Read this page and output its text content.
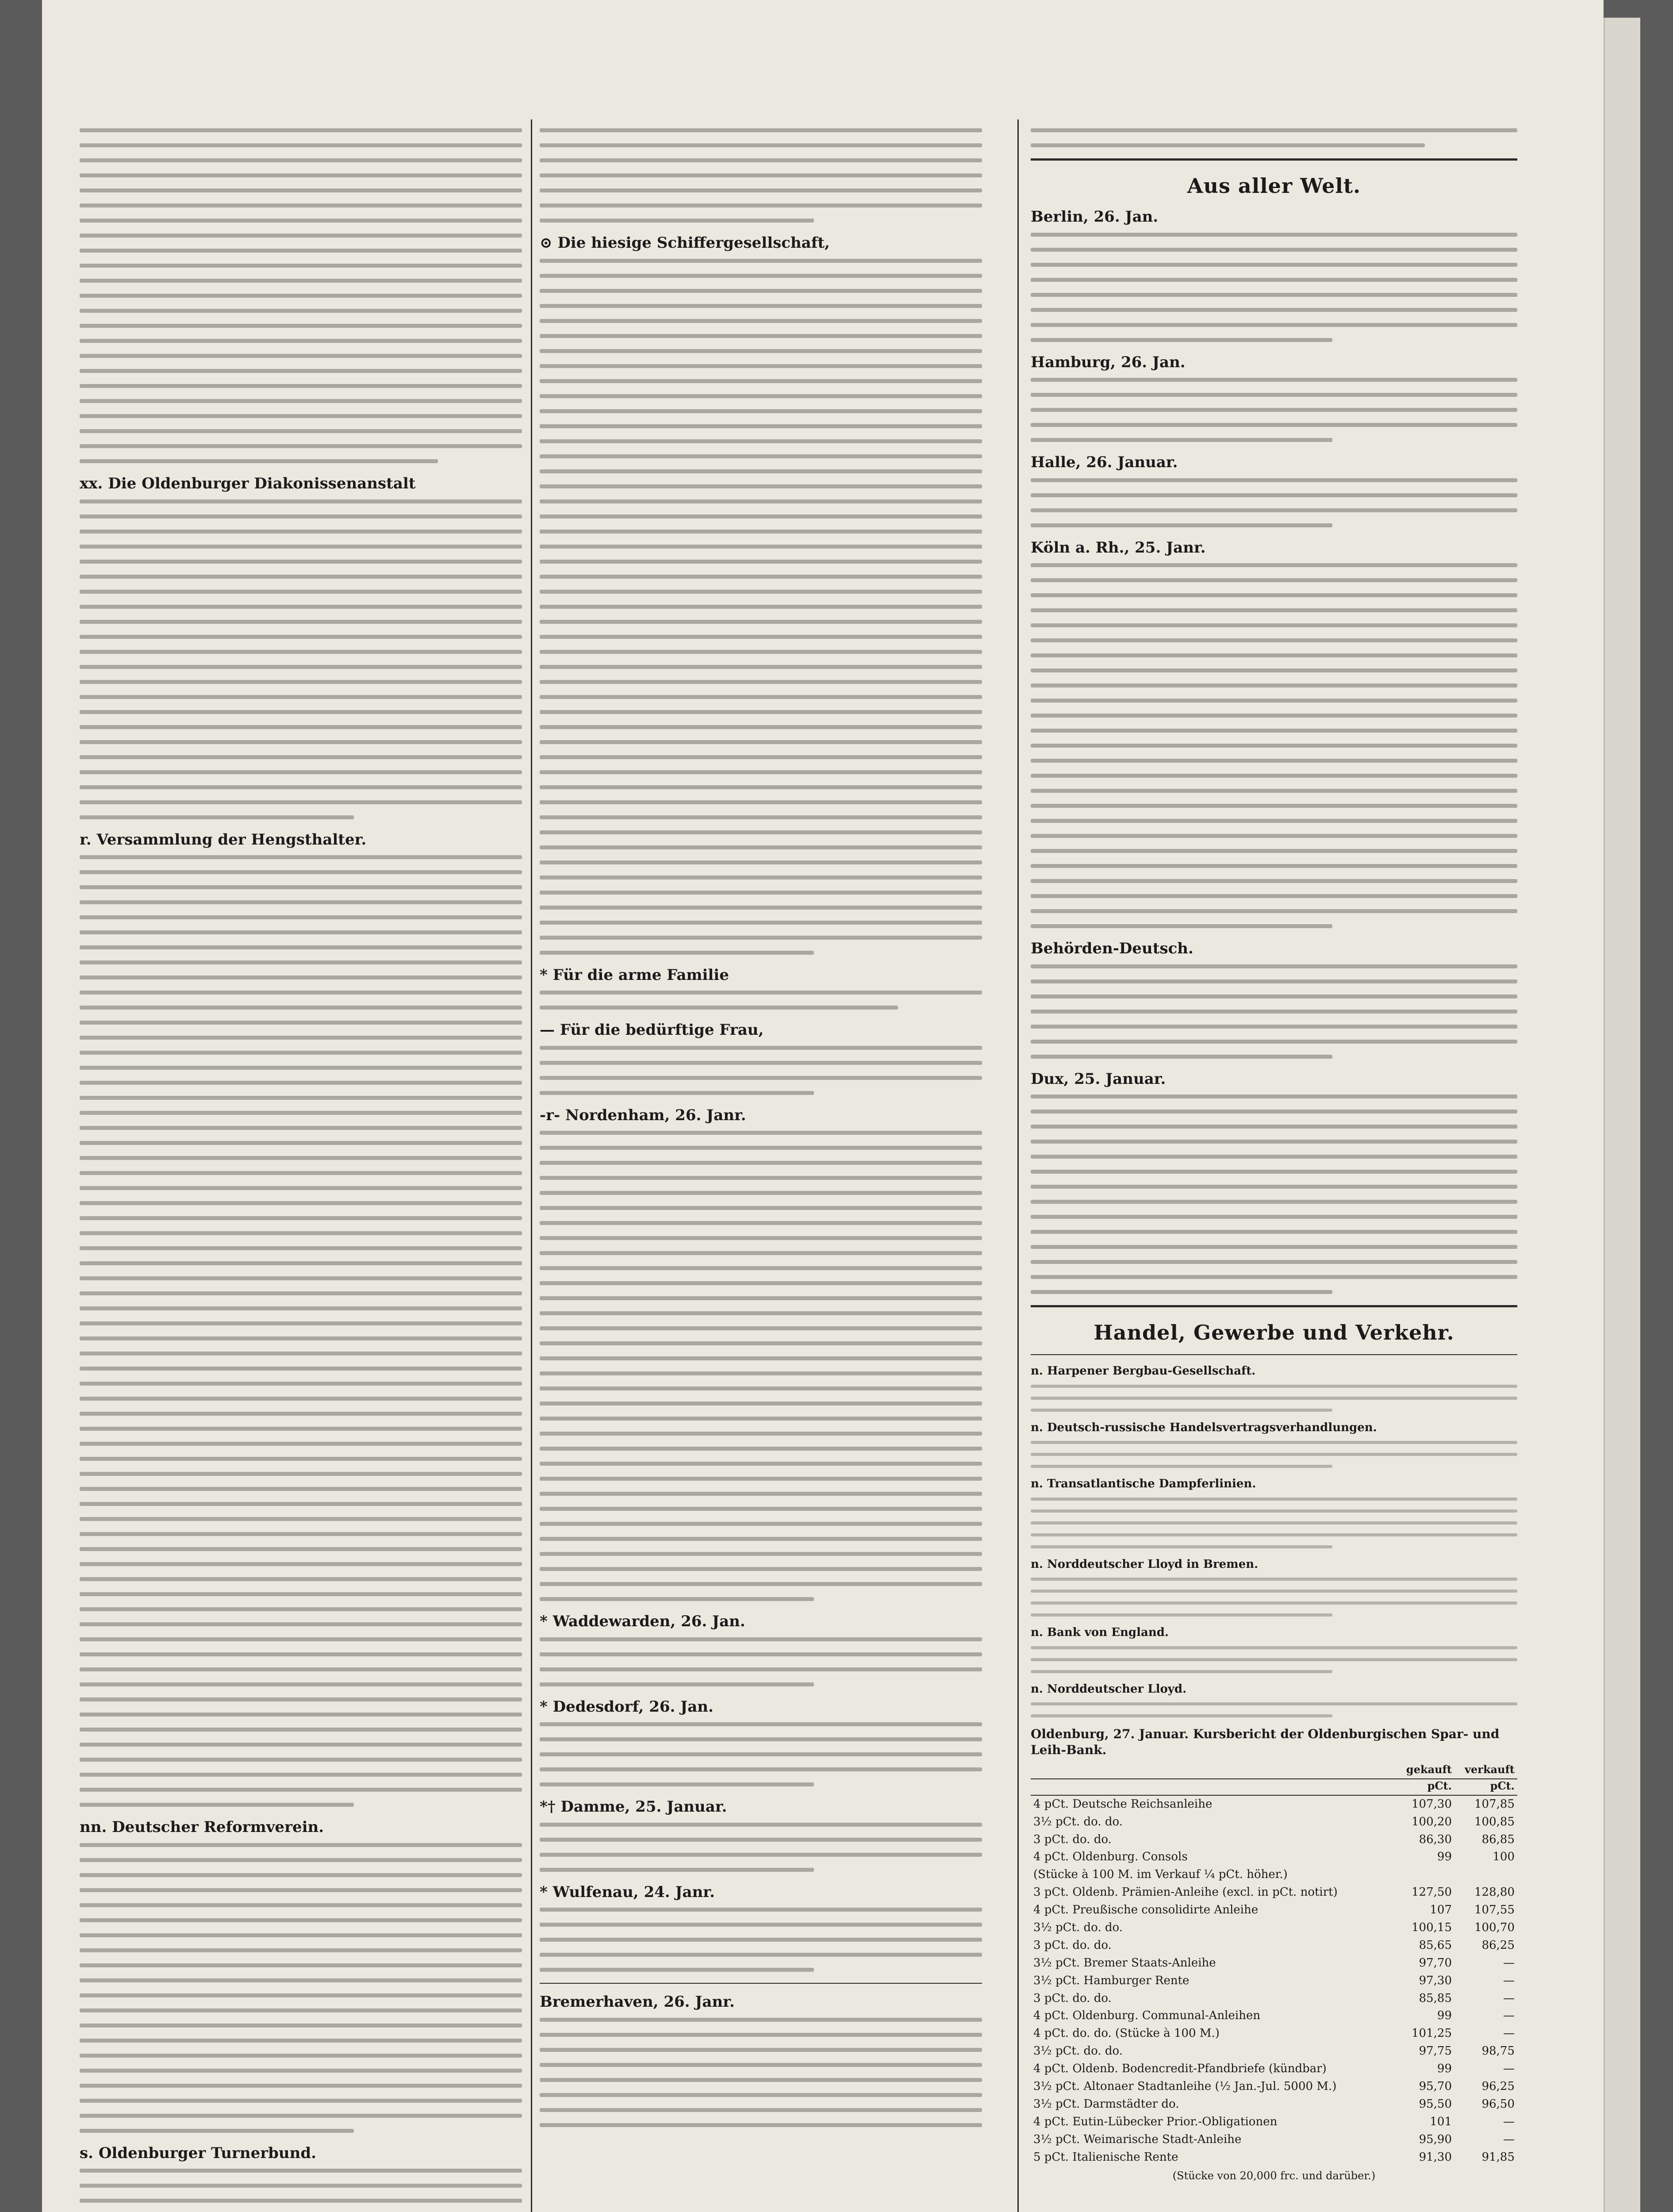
xx. Die Oldenburger Diakonissenanstalt
r. Versammlung der Hengsthalter.
nn. Deutscher Reformverein.
s. Oldenburger Turnerbund.
⊙ Die hiesige Schiffergesellschaft,
* Für die arme Familie
— Für die bedürftige Frau,
-r- Nordenham, 26. Janr.
* Waddewarden, 26. Jan.
* Dedesdorf, 26. Jan.
*† Damme, 25. Januar.
* Wulfenau, 24. Janr.
Bremerhaven, 26. Janr.
Aus aller Welt.
Berlin, 26. Jan.
Hamburg, 26. Jan.
Halle, 26. Januar.
Köln a. Rh., 25. Janr.
Behörden-Deutsch.
Dux, 25. Januar.
Handel, Gewerbe und Verkehr.
n. Harpener Bergbau-Gesellschaft.
n. Deutsch-russische Handelsvertragsverhandlungen.
n. Transatlantische Dampferlinien.
n. Norddeutscher Lloyd in Bremen.
n. Bank von England.
n. Norddeutscher Lloyd.
Oldenburg, 27. Januar. Kursbericht der Oldenburgischen Spar- und Leih-Bank.
	gekauft	verkauft
	pCt.	pCt.
4 pCt. Deutsche Reichsanleihe	107,30	107,85
3½ pCt. do. do.	100,20	100,85
3 pCt. do. do.	86,30	86,85
4 pCt. Oldenburg. Consols	99	100
(Stücke à 100 M. im Verkauf ¼ pCt. höher.)		
3 pCt. Oldenb. Prämien-Anleihe (excl. in pCt. notirt)	127,50	128,80
4 pCt. Preußische consolidirte Anleihe	107	107,55
3½ pCt. do. do.	100,15	100,70
3 pCt. do. do.	85,65	86,25
3½ pCt. Bremer Staats-Anleihe	97,70	—
3½ pCt. Hamburger Rente	97,30	—
3 pCt. do. do.	85,85	—
4 pCt. Oldenburg. Communal-Anleihen	99	—
4 pCt. do. do. (Stücke à 100 M.)	101,25	—
3½ pCt. do. do.	97,75	98,75
4 pCt. Oldenb. Bodencredit-Pfandbriefe (kündbar)	99	—
3½ pCt. Altonaer Stadtanleihe (½ Jan.-Jul. 5000 M.)	95,70	96,25
3½ pCt. Darmstädter do.	95,50	96,50
4 pCt. Eutin-Lübecker Prior.-Obligationen	101	—
3½ pCt. Weimarische Stadt-Anleihe	95,90	—
5 pCt. Italienische Rente	91,30	91,85
(Stücke von 20,000 frc. und darüber.)
